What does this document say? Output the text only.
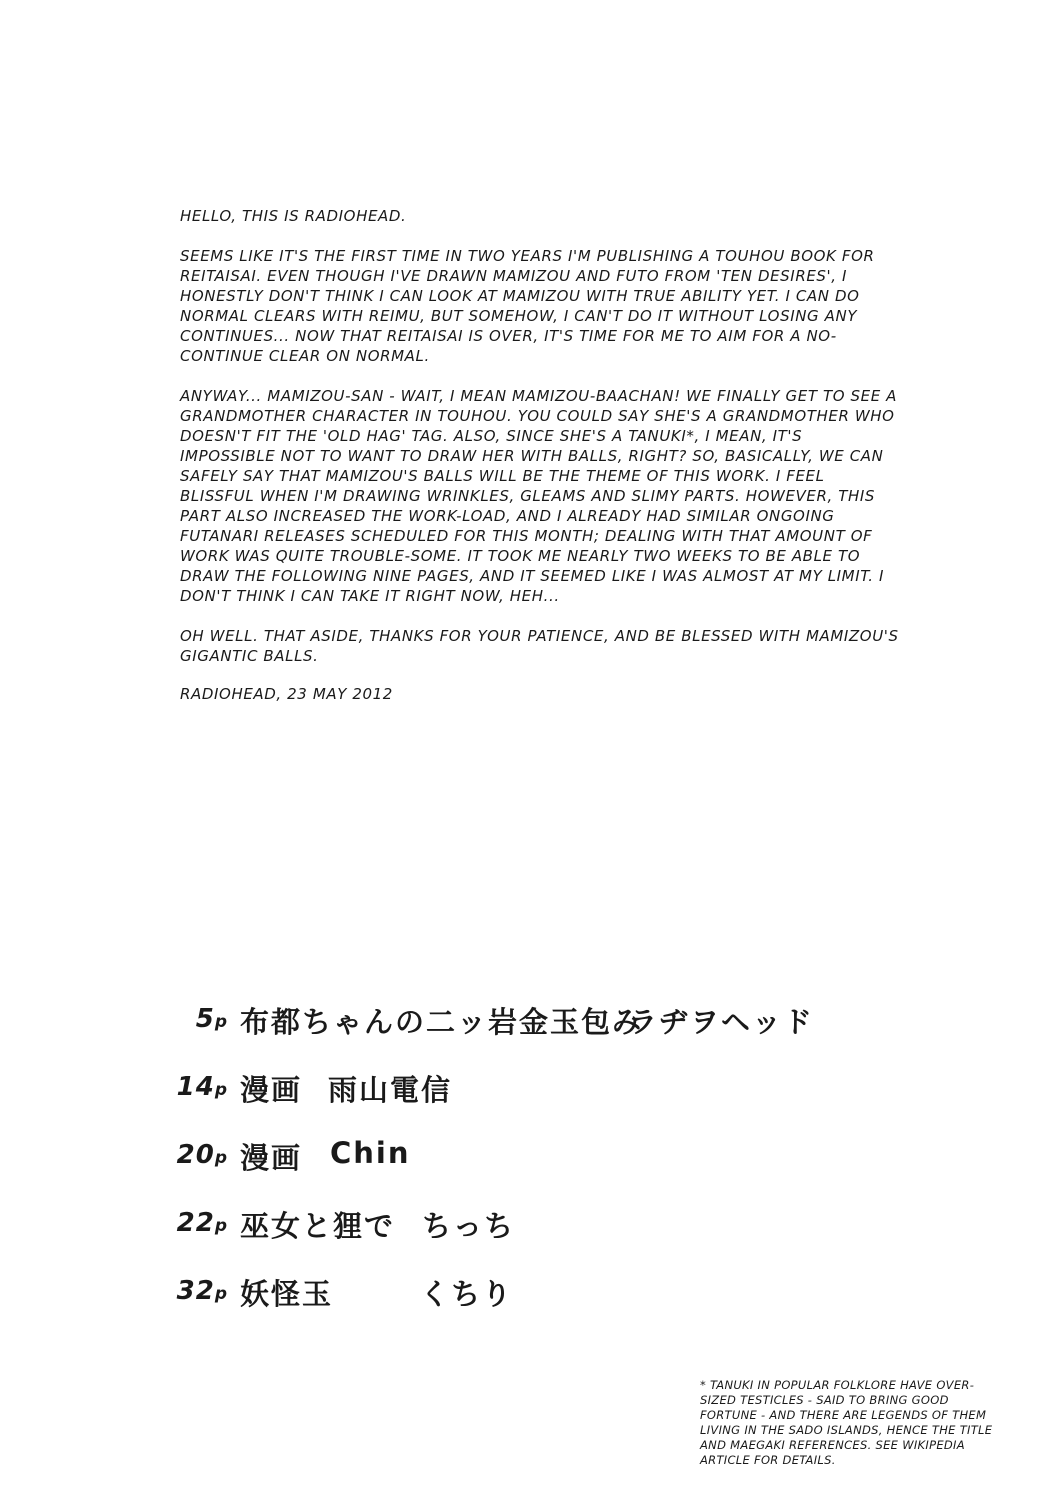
HELLO, THIS IS RADIOHEAD.

SEEMS LIKE IT'S THE FIRST TIME IN TWO YEARS I'M PUBLISHING A TOUHOU BOOK FOR REITAISAI. EVEN THOUGH I'VE DRAWN MAMIZOU AND FUTO FROM 'TEN DESIRES', I HONESTLY DON'T THINK I CAN LOOK AT MAMIZOU WITH TRUE ABILITY YET. I CAN DO NORMAL CLEARS WITH REIMU, BUT SOMEHOW, I CAN'T DO IT WITHOUT LOSING ANY CONTINUES... NOW THAT REITAISAI IS OVER, IT'S TIME FOR ME TO AIM FOR A NO-CONTINUE CLEAR ON NORMAL.

ANYWAY... MAMIZOU-SAN - WAIT, I MEAN MAMIZOU-BAACHAN! WE FINALLY GET TO SEE A GRANDMOTHER CHARACTER IN TOUHOU. YOU COULD SAY SHE'S A GRANDMOTHER WHO DOESN'T FIT THE 'OLD HAG' TAG. ALSO, SINCE SHE'S A TANUKI*, I MEAN, IT'S IMPOSSIBLE NOT TO WANT TO DRAW HER WITH BALLS, RIGHT? SO, BASICALLY, WE CAN SAFELY SAY THAT MAMIZOU'S BALLS WILL BE THE THEME OF THIS WORK. I FEEL BLISSFUL WHEN I'M DRAWING WRINKLES, GLEAMS AND SLIMY PARTS. HOWEVER, THIS PART ALSO INCREASED THE WORK-LOAD, AND I ALREADY HAD SIMILAR ONGOING FUTANARI RELEASES SCHEDULED FOR THIS MONTH; DEALING WITH THAT AMOUNT OF WORK WAS QUITE TROUBLE-SOME. IT TOOK ME NEARLY TWO WEEKS TO BE ABLE TO DRAW THE FOLLOWING NINE PAGES, AND IT SEEMED LIKE I WAS ALMOST AT MY LIMIT. I DON'T THINK I CAN TAKE IT RIGHT NOW, HEH...

OH WELL. THAT ASIDE, THANKS FOR YOUR PATIENCE, AND BE BLESSED WITH MAMIZOU'S GIGANTIC BALLS.

RADIOHEAD, 23 MAY 2012

5p 布都ちゃんの二ッ岩金玉包み
ラヂヲヘッド
14p 漫画 雨山電信
20p 漫画 Chin
22p 巫女と狸で ちっち
32p 妖怪玉	くちり
* TANUKI IN POPULAR FOLKLORE HAVE OVER-SIZED TESTICLES - SAID TO BRING GOOD FORTUNE - AND THERE ARE LEGENDS OF THEM LIVING IN THE SADO ISLANDS, HENCE THE TITLE AND MAEGAKI REFERENCES. SEE WIKIPEDIA ARTICLE FOR DETAILS.
